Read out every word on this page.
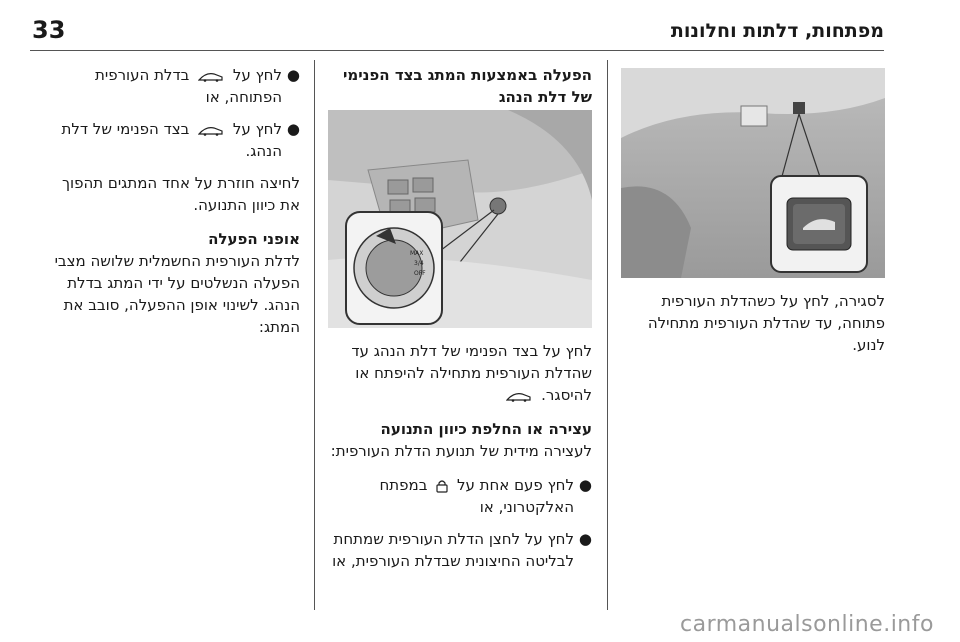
33	מפתחות, דלתות וחלונות

לסגירה, לחץ על כשהדלת העורפית פתוחה, עד שהדלת העורפית מתחילה לנוע.

הפעלה באמצעות המתג בצד הפנימי של דלת הנהג
MAX
3/4
OFF

לחץ על בצד הפנימי של דלת הנהג עד שהדלת העורפית מתחילה להיפתח או להיסגר.

עצירה או החלפת כיוון התנועה

לעצירה מידית של תנועת הדלת העורפית:

●
לחץ פעם אחת על  במפתח האלקטרוני, או
●
לחץ על לחצן הדלת העורפית שמתחת לבליטה החיצונית שבדלת העורפית, או
●
לחץ על  בדלת העורפית הפתוחה, או
●
לחץ על  בצד הפנימי של דלת הנהג.

לחיצה חוזרת על אחד המתגים תהפוך את כיוון התנועה.

אופני הפעלה

לדלת העורפית החשמלית שלושה מצבי הפעלה הנשלטים על ידי המתג בדלת הנהג. לשינוי אופן ההפעלה, סובב את המתג:

carmanualsonline.info
